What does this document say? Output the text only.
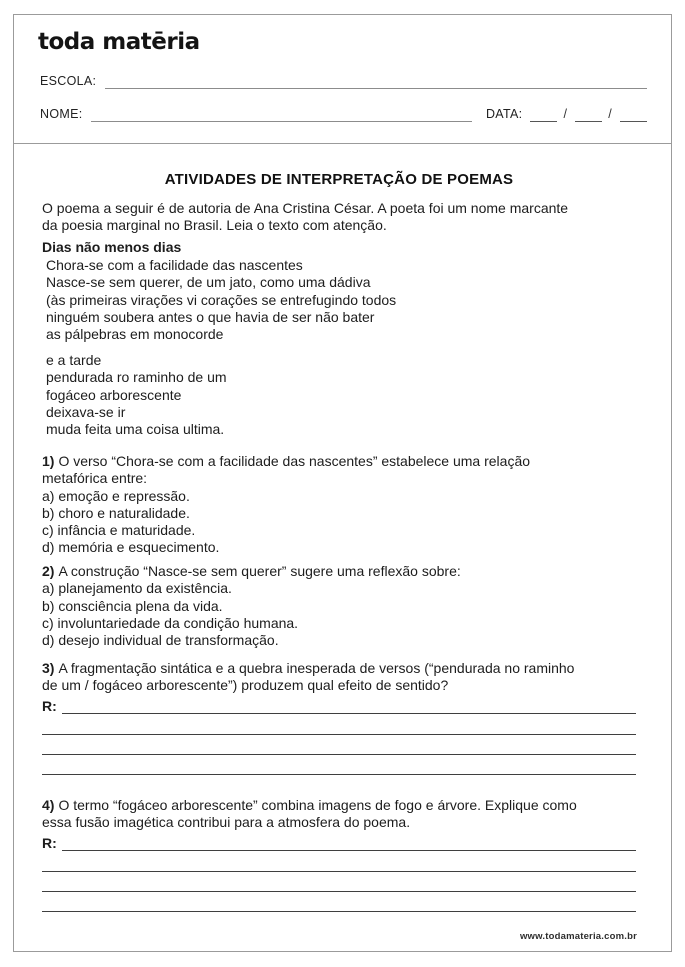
toda matēria
ESCOLA:
NOME:	DATA:	/	/
ATIVIDADES DE INTERPRETAÇÃO DE POEMAS
O poema a seguir é de autoria de Ana Cristina César. A poeta foi um nome marcante
da poesia marginal no Brasil. Leia o texto com atenção.
Dias não menos dias
Chora-se com a facilidade das nascentes
Nasce-se sem querer, de um jato, como uma dádiva
(às primeiras virações vi corações se entrefugindo todos
ninguém soubera antes o que havia de ser não bater
as pálpebras em monocorde
e a tarde
pendurada ro raminho de um
fogáceo arborescente
deixava-se ir
muda feita uma coisa ultima.
1) O verso “Chora-se com a facilidade das nascentes” estabelece uma relação
metafórica entre:
a) emoção e repressão.
b) choro e naturalidade.
c) infância e maturidade.
d) memória e esquecimento.
2) A construção “Nasce-se sem querer” sugere uma reflexão sobre:
a) planejamento da existência.
b) consciência plena da vida.
c) involuntariedade da condição humana.
d) desejo individual de transformação.
3) A fragmentação sintática e a quebra inesperada de versos (“pendurada no raminho
de um / fogáceo arborescente”) produzem qual efeito de sentido?
R:
4) O termo “fogáceo arborescente” combina imagens de fogo e árvore. Explique como
essa fusão imagética contribui para a atmosfera do poema.
R:
www.todamateria.com.br
